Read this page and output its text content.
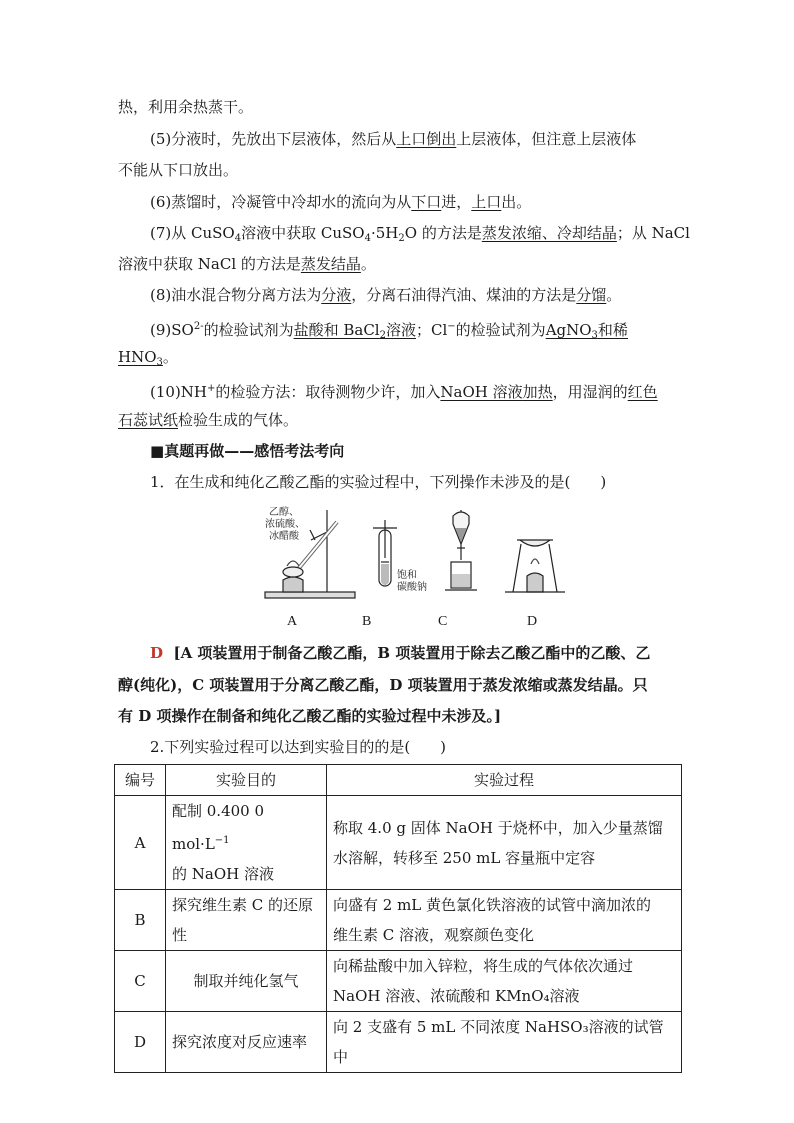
热，利用余热蒸干。
(5)分液时，先放出下层液体，然后从上口倒出上层液体，但注意上层液体
不能从下口放出。
(6)蒸馏时，冷凝管中冷却水的流向为从下口进，上口出。
(7)从 CuSO$_4$溶液中获取 $CuSO_4\cdot 5H_2O$ 的方法是蒸发浓缩、冷却结晶；从 NaCl
溶液中获取 NaCl 的方法是蒸发结晶。
(8)油水混合物分离方法为分液，分离石油得汽油、煤油的方法是分馏。
$(9)SO^{2-}$的检验试剂为盐酸和 BaCl$_2$溶液；Cl−的检验试剂为AgNO$_3$和稀
$HNO_3$。
(10)NH+的检验方法：取待测物少许，加入NaOH 溶液加热，用湿润的红色
石蕊试纸检验生成的气体。
■真题再做——感悟考法考向
1．在生成和纯化乙酸乙酯的实验过程中，下列操作未涉及的是(　　)
乙醇、
浓硫酸、
冰醋酸
饱和
碳酸钠
A	B	C	D
D [A 项装置用于制备乙酸乙酯，B 项装置用于除去乙酸乙酯中的乙酸、乙
醇(纯化)，C 项装置用于分离乙酸乙酯，D 项装置用于蒸发浓缩或蒸发结晶。只
有 D 项操作在制备和纯化乙酸乙酯的实验过程中未涉及。]
2.下列实验过程可以达到实验目的的是(　　)
编号	实验目的	实验过程
A	配制 0.400 0 $mol\cdot L^{-1}$
的 NaOH 溶液	称取 4.0 g 固体 NaOH 于烧杯中，加入少量蒸馏
水溶解，转移至 250 mL 容量瓶中定容
B	探究维生素 C 的还原
性	向盛有 2 mL 黄色氯化铁溶液的试管中滴加浓的
维生素 C 溶液，观察颜色变化
C	制取并纯化氢气	向稀盐酸中加入锌粒，将生成的气体依次通过
NaOH 溶液、浓硫酸和 KMnO₄溶液
D	探究浓度对反应速率	向 2 支盛有 5 mL 不同浓度 NaHSO₃溶液的试管中
